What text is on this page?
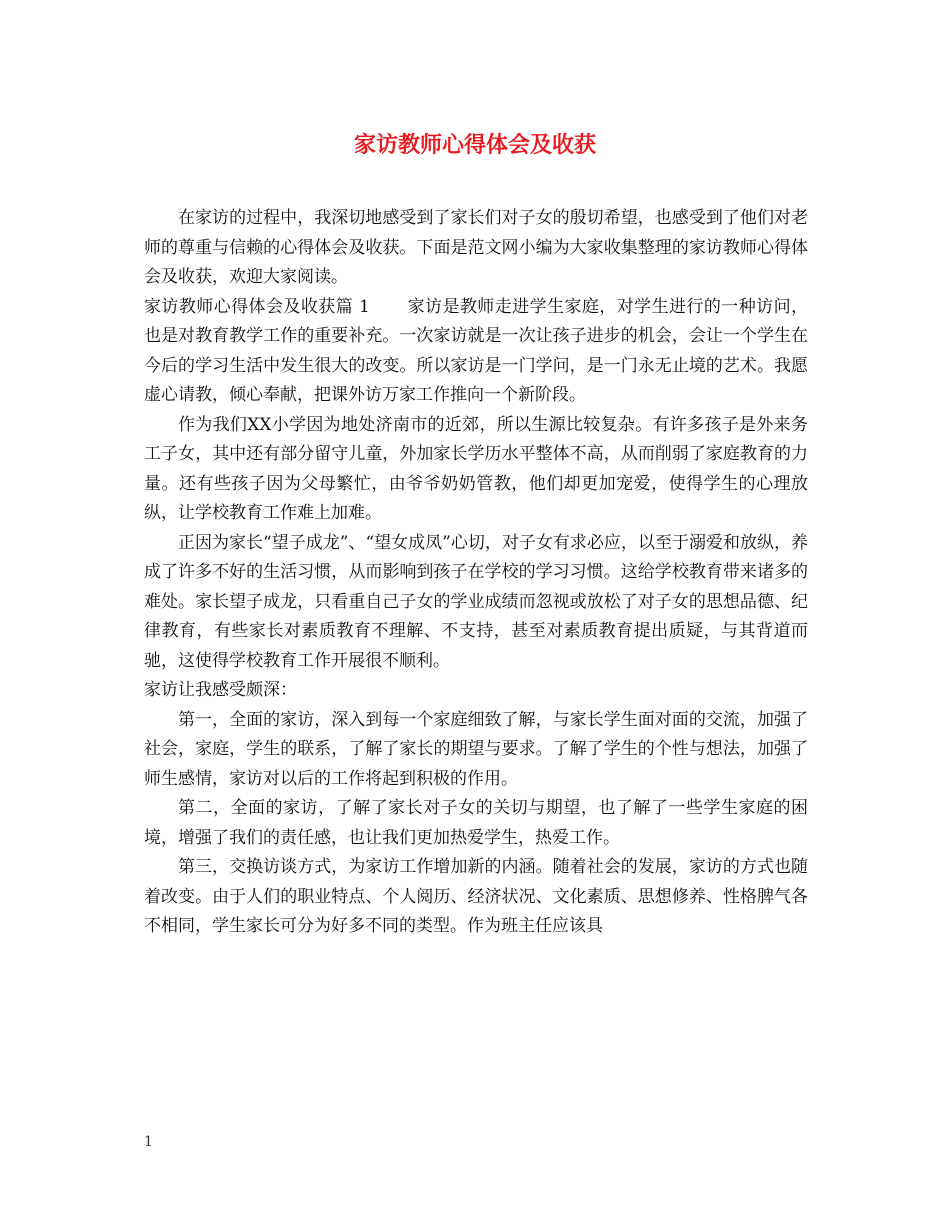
家访教师心得体会及收获

在家访的过程中，我深切地感受到了家长们对子女的殷切希望，也感受到了他们对老师的尊重与信赖的心得体会及收获。下面是范文网小编为大家收集整理的家访教师心得体会及收获，欢迎大家阅读。

家访教师心得体会及收获篇 1 家访是教师走进学生家庭，对学生进行的一种访问，也是对教育教学工作的重要补充。一次家访就是一次让孩子进步的机会，会让一个学生在今后的学习生活中发生很大的改变。所以家访是一门学问，是一门永无止境的艺术。我愿虚心请教，倾心奉献，把课外访万家工作推向一个新阶段。

作为我们XX小学因为地处济南市的近郊，所以生源比较复杂。有许多孩子是外来务工子女，其中还有部分留守儿童，外加家长学历水平整体不高，从而削弱了家庭教育的力量。还有些孩子因为父母繁忙，由爷爷奶奶管教，他们却更加宠爱，使得学生的心理放纵，让学校教育工作难上加难。

正因为家长“望子成龙”、“望女成凤”心切，对子女有求必应，以至于溺爱和放纵，养成了许多不好的生活习惯，从而影响到孩子在学校的学习习惯。这给学校教育带来诸多的难处。家长望子成龙，只看重自己子女的学业成绩而忽视或放松了对子女的思想品德、纪律教育，有些家长对素质教育不理解、不支持，甚至对素质教育提出质疑，与其背道而驰，这使得学校教育工作开展很不顺利。

家访让我感受颇深：

第一，全面的家访，深入到每一个家庭细致了解，与家长学生面对面的交流，加强了社会，家庭，学生的联系，了解了家长的期望与要求。了解了学生的个性与想法，加强了师生感情，家访对以后的工作将起到积极的作用。

第二，全面的家访，了解了家长对子女的关切与期望，也了解了一些学生家庭的困境，增强了我们的责任感，也让我们更加热爱学生，热爱工作。

第三，交换访谈方式，为家访工作增加新的内涵。随着社会的发展，家访的方式也随着改变。由于人们的职业特点、个人阅历、经济状况、文化素质、思想修养、性格脾气各不相同，学生家长可分为好多不同的类型。作为班主任应该具

1
